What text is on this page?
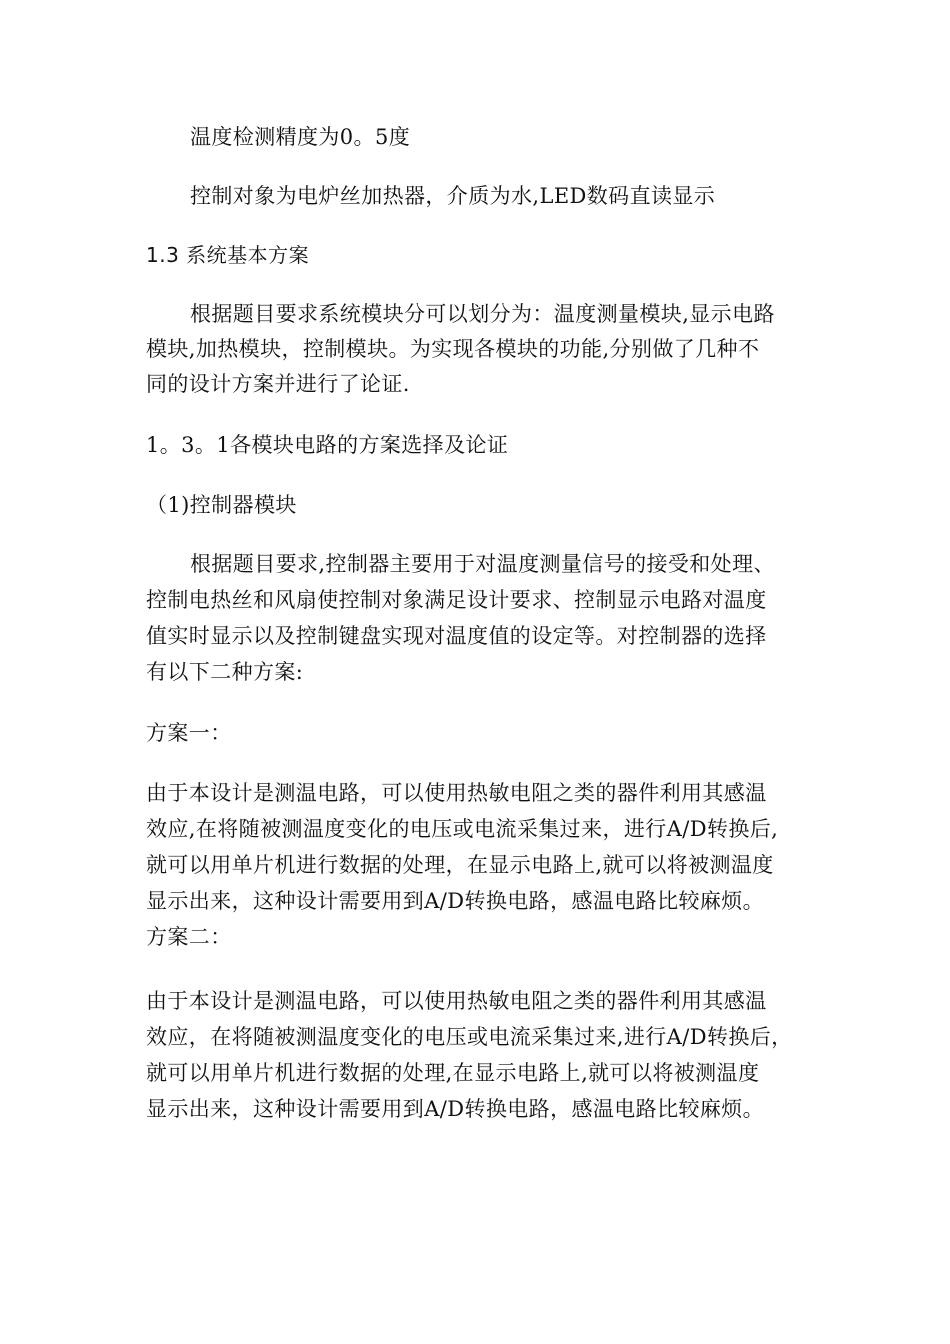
温度检测精度为0。5度
控制对象为电炉丝加热器，介质为水,LED数码直读显示
1.3 系统基本方案
根据题目要求系统模块分可以划分为：温度测量模块,显示电路
模块,加热模块，控制模块。为实现各模块的功能,分别做了几种不
同的设计方案并进行了论证.
1。3。1各模块电路的方案选择及论证
（1)控制器模块
根据题目要求,控制器主要用于对温度测量信号的接受和处理、
控制电热丝和风扇使控制对象满足设计要求、控制显示电路对温度
值实时显示以及控制键盘实现对温度值的设定等。对控制器的选择
有以下二种方案:
方案一：
由于本设计是测温电路，可以使用热敏电阻之类的器件利用其感温
效应,在将随被测温度变化的电压或电流采集过来，进行A/D转换后,
就可以用单片机进行数据的处理，在显示电路上,就可以将被测温度
显示出来，这种设计需要用到A/D转换电路，感温电路比较麻烦。
方案二：
由于本设计是测温电路，可以使用热敏电阻之类的器件利用其感温
效应，在将随被测温度变化的电压或电流采集过来,进行A/D转换后，
就可以用单片机进行数据的处理,在显示电路上,就可以将被测温度
显示出来，这种设计需要用到A/D转换电路，感温电路比较麻烦。
